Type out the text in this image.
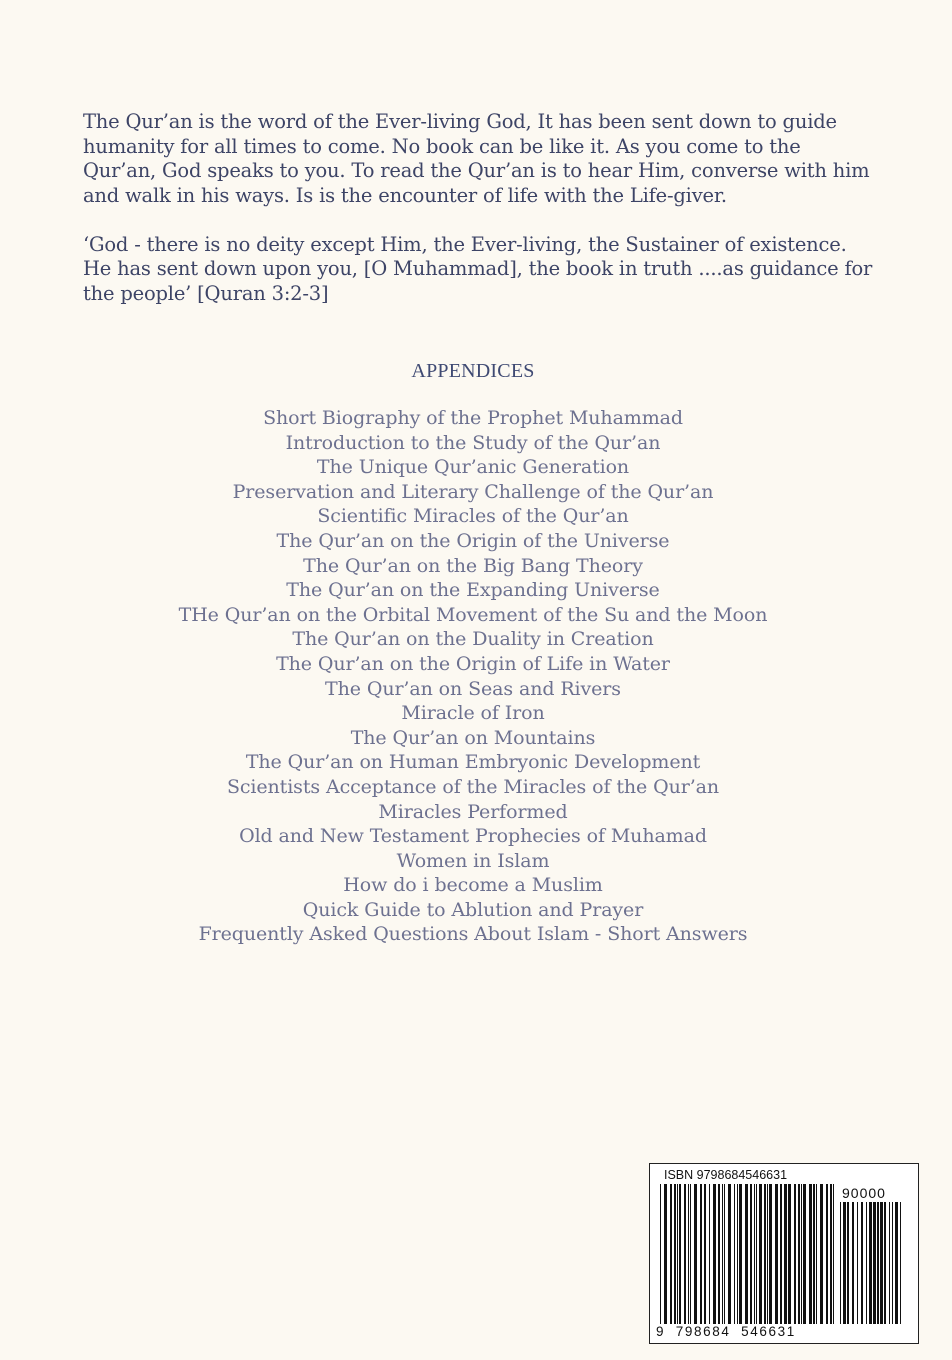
The Qur’an is the word of the Ever-living God, It has been sent down to guide humanity for all times to come. No book can be like it. As you come to the Qur’an, God speaks to you. To read the Qur’an is to hear Him, converse with him and walk in his ways. Is is the encounter of life with the Life-giver.

‘God - there is no deity except Him, the Ever-living, the Sustainer of existence. He has sent down upon you, [O Muhammad], the book in truth ....as guidance for the people’ [Quran 3:2-3]

APPENDICES
Short Biography of the Prophet Muhammad
Introduction to the Study of the Qur’an
The Unique Qur’anic Generation
Preservation and Literary Challenge of the Qur’an
Scientific Miracles of the Qur’an
The Qur’an on the Origin of the Universe
The Qur’an on the Big Bang Theory
The Qur’an on the Expanding Universe
THe Qur’an on the Orbital Movement of the Su and the Moon
The Qur’an on the Duality in Creation
The Qur’an on the Origin of Life in Water
The Qur’an on Seas and Rivers
Miracle of Iron
The Qur’an on Mountains
The Qur’an on Human Embryonic Development
Scientists Acceptance of the Miracles of the Qur’an
Miracles Performed
Old and New Testament Prophecies of Muhamad
Women in Islam
How do i become a Muslim
Quick Guide to Ablution and Prayer
Frequently Asked Questions About Islam - Short Answers
ISBN 9798684546631
90000
9  798684  546631
